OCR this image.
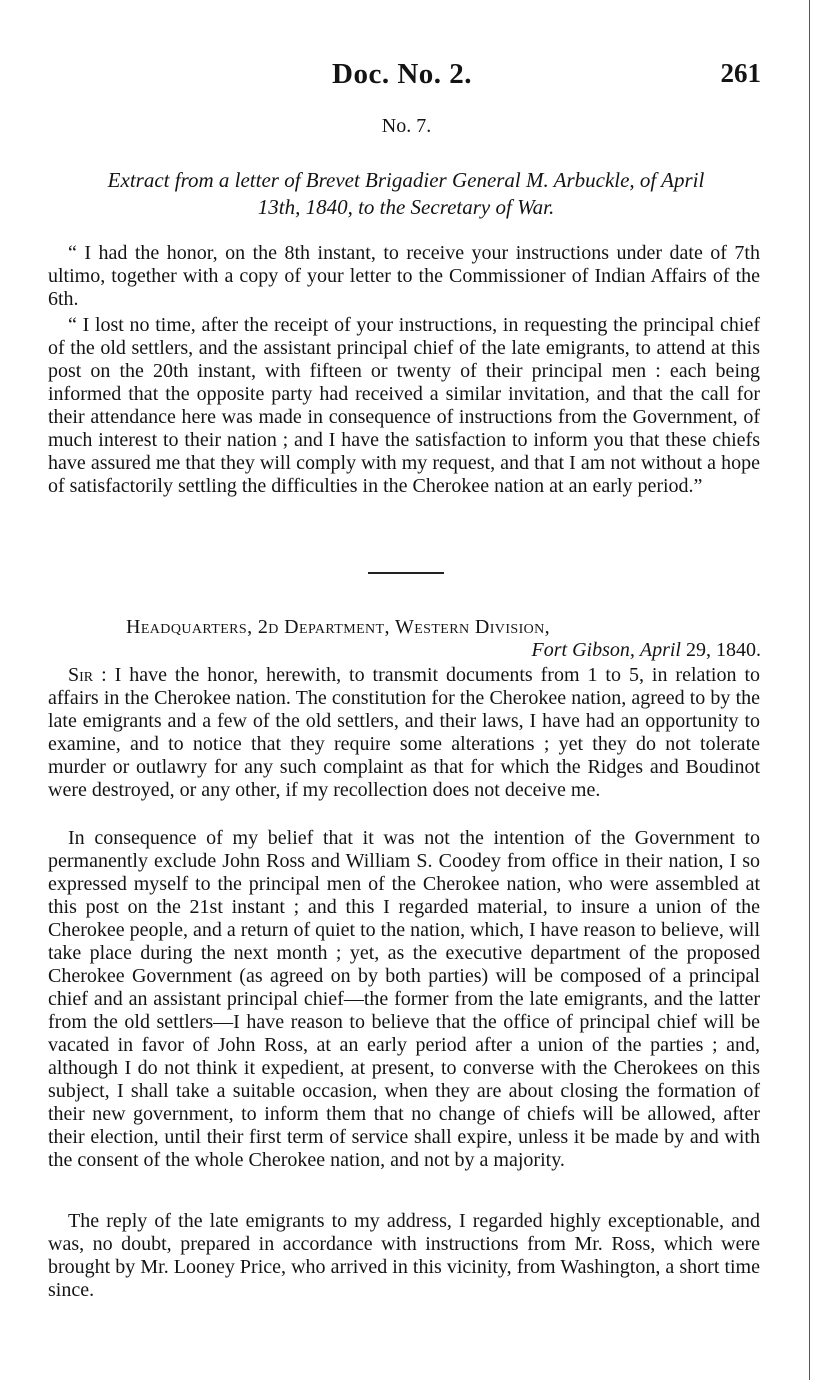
Doc. No. 2.	261
No. 7.
Extract from a letter of Brevet Brigadier General M. Arbuckle, of April
13th, 1840, to the Secretary of War.

“ I had the honor, on the 8th instant, to receive your instructions under date of 7th ultimo, together with a copy of your letter to the Commissioner of Indian Affairs of the 6th.

“ I lost no time, after the receipt of your instructions, in requesting the principal chief of the old settlers, and the assistant principal chief of the late emigrants, to attend at this post on the 20th instant, with fifteen or twenty of their principal men : each being informed that the opposite party had received a similar invitation, and that the call for their attendance here was made in consequence of instructions from the Government, of much interest to their nation ; and I have the satisfaction to inform you that these chiefs have assured me that they will comply with my request, and that I am not without a hope of satisfactorily settling the difficulties in the Cherokee nation at an early period.”

Headquarters, 2d Department, Western Division,
Fort Gibson, April 29, 1840.

Sir : I have the honor, herewith, to transmit documents from 1 to 5, in relation to affairs in the Cherokee nation. The constitution for the Cherokee nation, agreed to by the late emigrants and a few of the old settlers, and their laws, I have had an opportunity to examine, and to notice that they require some alterations ; yet they do not tolerate murder or outlawry for any such complaint as that for which the Ridges and Boudinot were destroyed, or any other, if my recollection does not deceive me.

In consequence of my belief that it was not the intention of the Government to permanently exclude John Ross and William S. Coodey from office in their nation, I so expressed myself to the principal men of the Cherokee nation, who were assembled at this post on the 21st instant ; and this I regarded material, to insure a union of the Cherokee people, and a return of quiet to the nation, which, I have reason to believe, will take place during the next month ; yet, as the executive department of the proposed Cherokee Government (as agreed on by both parties) will be composed of a principal chief and an assistant principal chief—the former from the late emigrants, and the latter from the old settlers—I have reason to believe that the office of principal chief will be vacated in favor of John Ross, at an early period after a union of the parties ; and, although I do not think it expedient, at present, to converse with the Cherokees on this subject, I shall take a suitable occasion, when they are about closing the formation of their new government, to inform them that no change of chiefs will be allowed, after their election, until their first term of service shall expire, unless it be made by and with the consent of the whole Cherokee nation, and not by a majority.

The reply of the late emigrants to my address, I regarded highly exceptionable, and was, no doubt, prepared in accordance with instructions from Mr. Ross, which were brought by Mr. Looney Price, who arrived in this vicinity, from Washington, a short time since.
